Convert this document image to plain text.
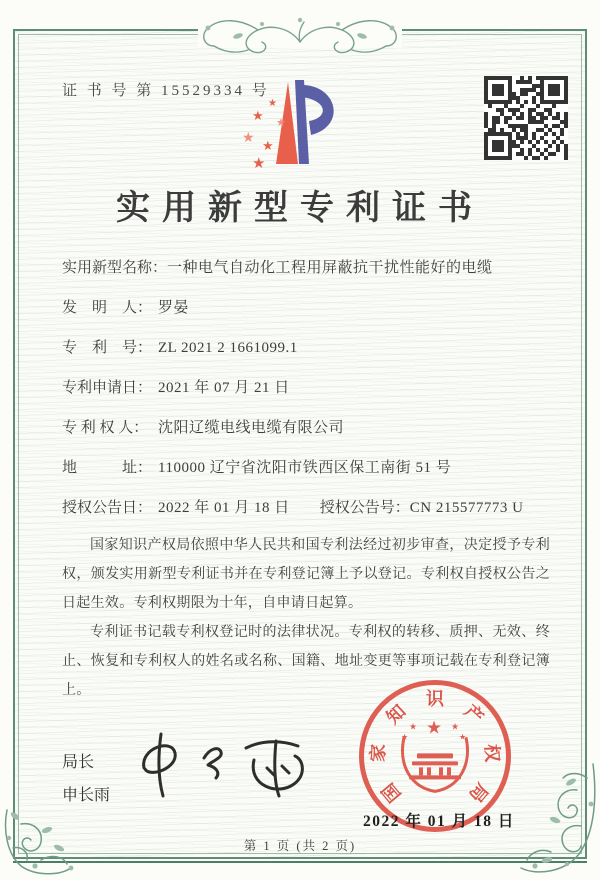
证 书 号 第 15529334 号
★
★
★
★
★
★
实用新型专利证书
实用新型名称：一种电气自动化工程用屏蔽抗干扰性能好的电缆
发　明　人： 罗晏
专　利　号： ZL 2021 2 1661099.1
专利申请日： 2021 年 07 月 21 日
专 利 权 人： 沈阳辽缆电线电缆有限公司
地　　　址： 110000 辽宁省沈阳市铁西区保工南街 51 号
授权公告日： 2022 年 01 月 18 日 授权公告号：CN 215577773 U

国家知识产权局依照中华人民共和国专利法经过初步审查，决定授予专利权，颁发实用新型专利证书并在专利登记簿上予以登记。专利权自授权公告之日起生效。专利权期限为十年，自申请日起算。

专利证书记载专利权登记时的法律状况。专利权的转移、质押、无效、终止、恢复和专利权人的姓名或名称、国籍、地址变更等事项记载在专利登记簿上。

局长
申长雨	国
家
知
识
产
权
局
★
★	★
★	★
2022 年 01 月 18 日
第 1 页 (共 2 页)
